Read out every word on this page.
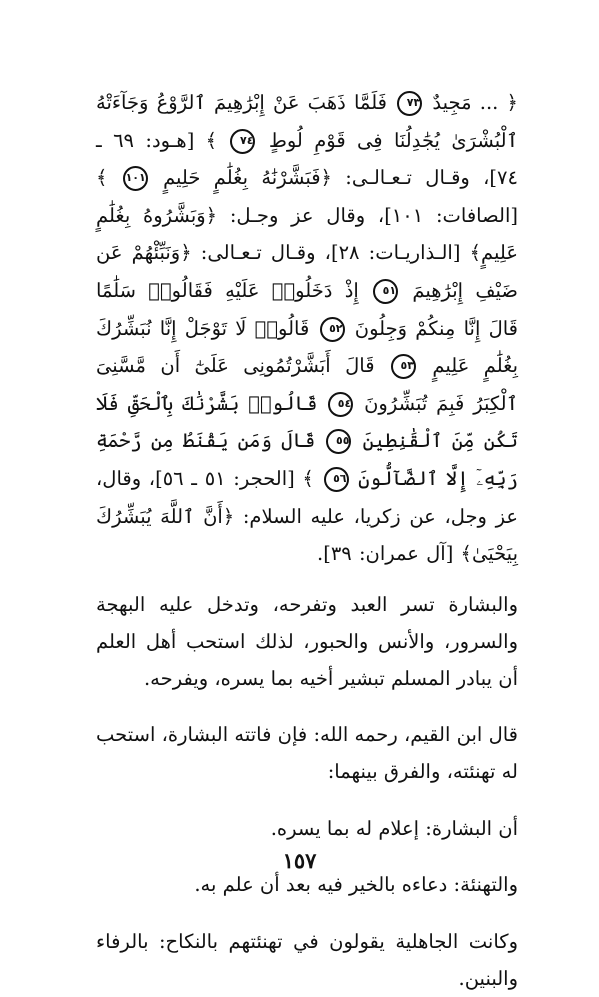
﴿ ... مَجِيدٌ ٧٣ فَلَمَّا ذَهَبَ عَنْ إِبْرَٰهِيمَ ٱلرَّوْعُ وَجَآءَتْهُ ٱلْبُشْرَىٰ يُجَٰدِلُنَا فِى قَوْمِ لُوطٍ ٧٤ ﴾ [هـود: ٦٩ ـ ٧٤]، وقـال تـعـالـى: ﴿فَبَشَّرْنَٰهُ بِغُلَٰمٍ حَلِيمٍ ١٠١ ﴾ [الصافات: ١٠١]، وقال عز وجـل: ﴿وَبَشَّرُوهُ بِغُلَٰمٍ عَلِيمٍ﴾ [الـذاريـات: ٢٨]، وقـال تـعـالى: ﴿وَنَبِّئْهُمْ عَن ضَيْفِ إِبْرَٰهِيمَ ٥١ إِذْ دَخَلُوا۟ عَلَيْهِ فَقَالُوا۟ سَلَٰمًا قَالَ إِنَّا مِنكُمْ وَجِلُونَ ٥٢ قَالُوا۟ لَا تَوْجَلْ إِنَّا نُبَشِّرُكَ بِغُلَٰمٍ عَلِيمٍ ٥٣ قَالَ أَبَشَّرْتُمُونِى عَلَىٰٓ أَن مَّسَّنِىَ ٱلْكِبَرُ فَبِمَ تُبَشِّرُونَ ٥٤ قَالُوا۟ بَشَّرْنَٰكَ بِٱلْحَقِّ فَلَا تَكُن مِّنَ ٱلْقَٰنِطِينَ ٥٥ قَالَ وَمَن يَقْنَطُ مِن رَّحْمَةِ رَبِّهِۦٓ إِلَّا ٱلضَّآلُّونَ ٥٦ ﴾ [الحجر: ٥١ ـ ٥٦]، وقال، عز وجل، عن زكريا، عليه السلام: ﴿أَنَّ ٱللَّهَ يُبَشِّرُكَ بِيَحْيَىٰ﴾ [آل عمران: ٣٩].

والبشارة تسر العبد وتفرحه، وتدخل عليه البهجة والسرور، والأنس والحبور، لذلك استحب أهل العلم أن يبادر المسلم تبشير أخيه بما يسره، ويفرحه.

قال ابن القيم، رحمه الله: فإن فاتته البشارة، استحب له تهنئته، والفرق بينهما:

أن البشارة: إعلام له بما يسره.

والتهنئة: دعاءه بالخير فيه بعد أن علم به.

وكانت الجاهلية يقولون في تهنئتهم بالنكاح: بالرفاء والبنين.

١٥٧
